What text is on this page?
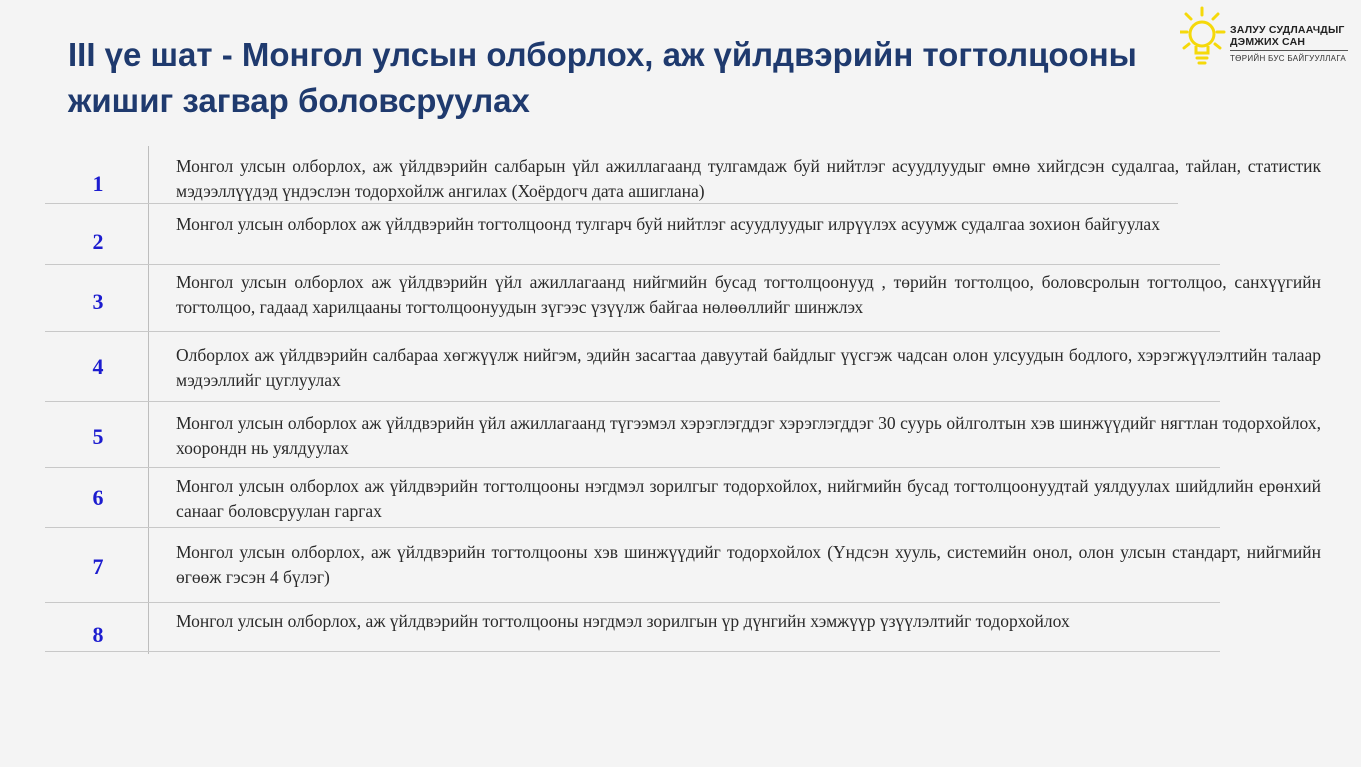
III үе шат - Монгол улсын олборлох, аж үйлдвэрийн тогтолцооны жишиг загвар боловсруулах
ЗАЛУУ СУДЛААЧДЫГ
ДЭМЖИХ САН
ТӨРИЙН БУС БАЙГУУЛЛАГА
1
Монгол улсын олборлох, аж үйлдвэрийн салбарын үйл ажиллагаанд тулгамдаж буй нийтлэг асуудлуудыг өмнө хийгдсэн судалгаа, тайлан, статистик мэдээллүүдэд үндэслэн тодорхойлж ангилах (Хоёрдогч дата ашиглана)
2
Монгол улсын олборлох аж үйлдвэрийн тогтолцоонд тулгарч буй нийтлэг асуудлуудыг илрүүлэх асуумж судалгаа зохион байгуулах
3
Монгол улсын олборлох аж үйлдвэрийн үйл ажиллагаанд нийгмийн бусад тогтолцоонууд , төрийн тогтолцоо, боловсролын тогтолцоо, санхүүгийн тогтолцоо, гадаад харилцааны тогтолцоонуудын зүгээс үзүүлж байгаа нөлөөллийг шинжлэх
4	Олборлох аж үйлдвэрийн салбараа хөгжүүлж нийгэм, эдийн засагтаа давуутай байдлыг үүсгэж чадсан олон улсуудын бодлого, хэрэгжүүлэлтийн талаар мэдээллийг цуглуулах
5
Монгол улсын олборлох аж үйлдвэрийн үйл ажиллагаанд түгээмэл хэрэглэгддэг хэрэглэгддэг 30 суурь ойлголтын хэв шинжүүдийг нягтлан тодорхойлох, хоорондн нь уялдуулах
6	Монгол улсын олборлох аж үйлдвэрийн тогтолцооны нэгдмэл зорилгыг тодорхойлох, нийгмийн бусад тогтолцоонуудтай уялдуулах шийдлийн ерөнхий санааг боловсруулан гаргах
7
Монгол улсын олборлох, аж үйлдвэрийн тогтолцооны хэв шинжүүдийг тодорхойлох (Үндсэн хууль, системийн онол, олон улсын стандарт, нийгмийн өгөөж гэсэн 4 бүлэг)
8
Монгол улсын олборлох, аж үйлдвэрийн тогтолцооны нэгдмэл зорилгын үр дүнгийн хэмжүүр үзүүлэлтийг тодорхойлох
